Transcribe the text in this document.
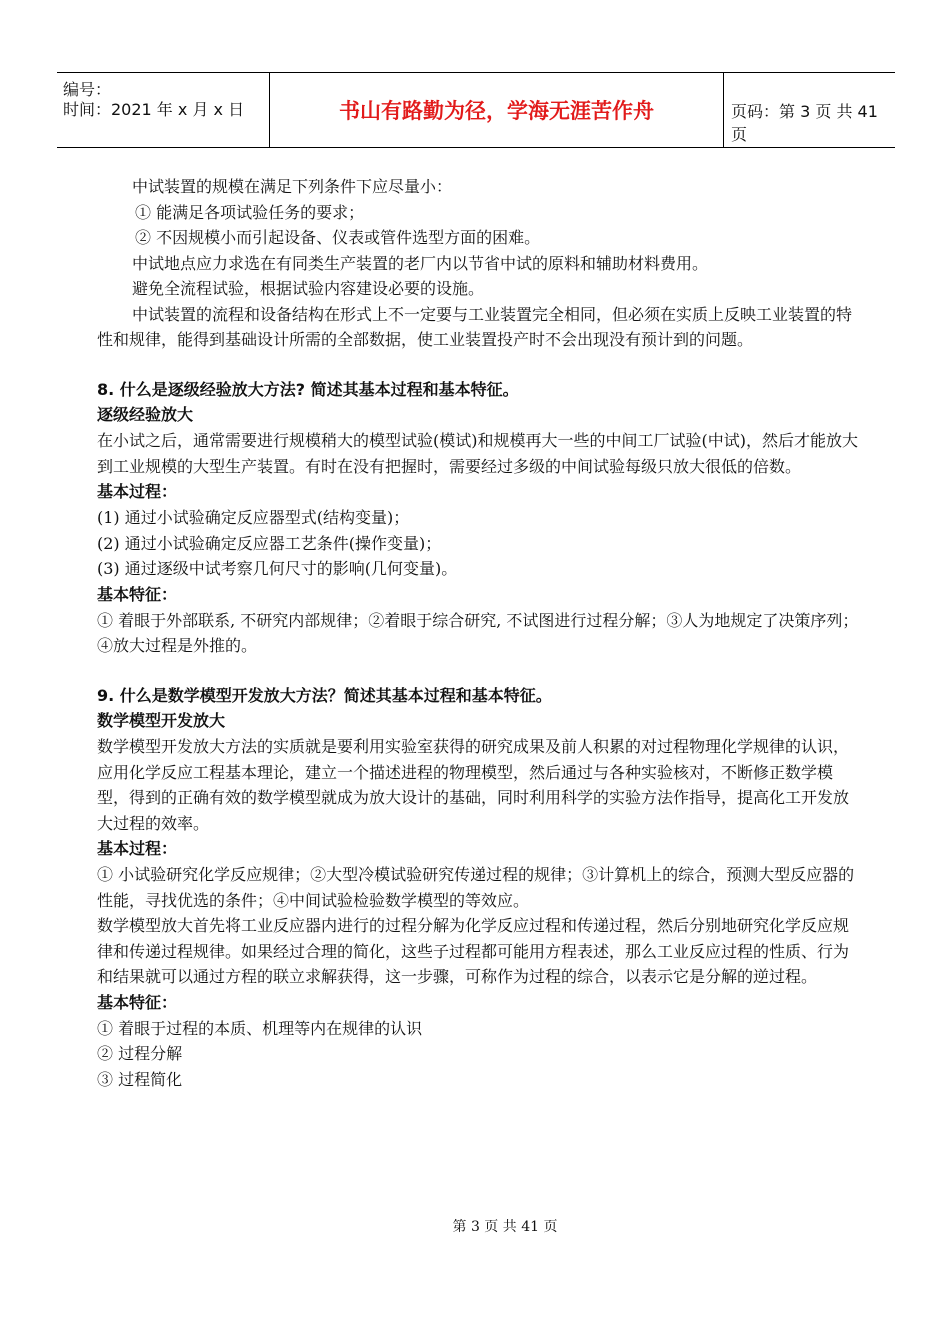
编号：
时间：2021 年 x 月 x 日	书山有路勤为径，学海无涯苦作舟	页码：第 3 页 共 41 页

中试装置的规模在满足下列条件下应尽量小：

① 能满足各项试验任务的要求；

② 不因规模小而引起设备、仪表或管件选型方面的困难。

中试地点应力求选在有同类生产装置的老厂内以节省中试的原料和辅助材料费用。

避免全流程试验，根据试验内容建设必要的设施。

中试装置的流程和设备结构在形式上不一定要与工业装置完全相同，但必须在实质上反映工业装置的特性和规律，能得到基础设计所需的全部数据，使工业装置投产时不会出现没有预计到的问题。

8. 什么是逐级经验放大方法? 简述其基本过程和基本特征。

逐级经验放大

在小试之后，通常需要进行规模稍大的模型试验(模试)和规模再大一些的中间工厂试验(中试)，然后才能放大到工业规模的大型生产装置。有时在没有把握时，需要经过多级的中间试验每级只放大很低的倍数。

基本过程：

(1) 通过小试验确定反应器型式(结构变量)；

(2) 通过小试验确定反应器工艺条件(操作变量)；

(3) 通过逐级中试考察几何尺寸的影响(几何变量)。

基本特征：

① 着眼于外部联系, 不研究内部规律；②着眼于综合研究, 不试图进行过程分解；③人为地规定了决策序列；④放大过程是外推的。

9. 什么是数学模型开发放大方法？简述其基本过程和基本特征。

数学模型开发放大

数学模型开发放大方法的实质就是要利用实验室获得的研究成果及前人积累的对过程物理化学规律的认识，应用化学反应工程基本理论，建立一个描述进程的物理模型，然后通过与各种实验核对，不断修正数学模型，得到的正确有效的数学模型就成为放大设计的基础，同时利用科学的实验方法作指导，提高化工开发放大过程的效率。

基本过程：

① 小试验研究化学反应规律；②大型冷模试验研究传递过程的规律；③计算机上的综合，预测大型反应器的性能，寻找优选的条件；④中间试验检验数学模型的等效应。

数学模型放大首先将工业反应器内进行的过程分解为化学反应过程和传递过程，然后分别地研究化学反应规律和传递过程规律。如果经过合理的简化，这些子过程都可能用方程表述，那么工业反应过程的性质、行为和结果就可以通过方程的联立求解获得，这一步骤，可称作为过程的综合，以表示它是分解的逆过程。

基本特征：

① 着眼于过程的本质、机理等内在规律的认识

② 过程分解

③ 过程简化

第 3 页 共 41 页
